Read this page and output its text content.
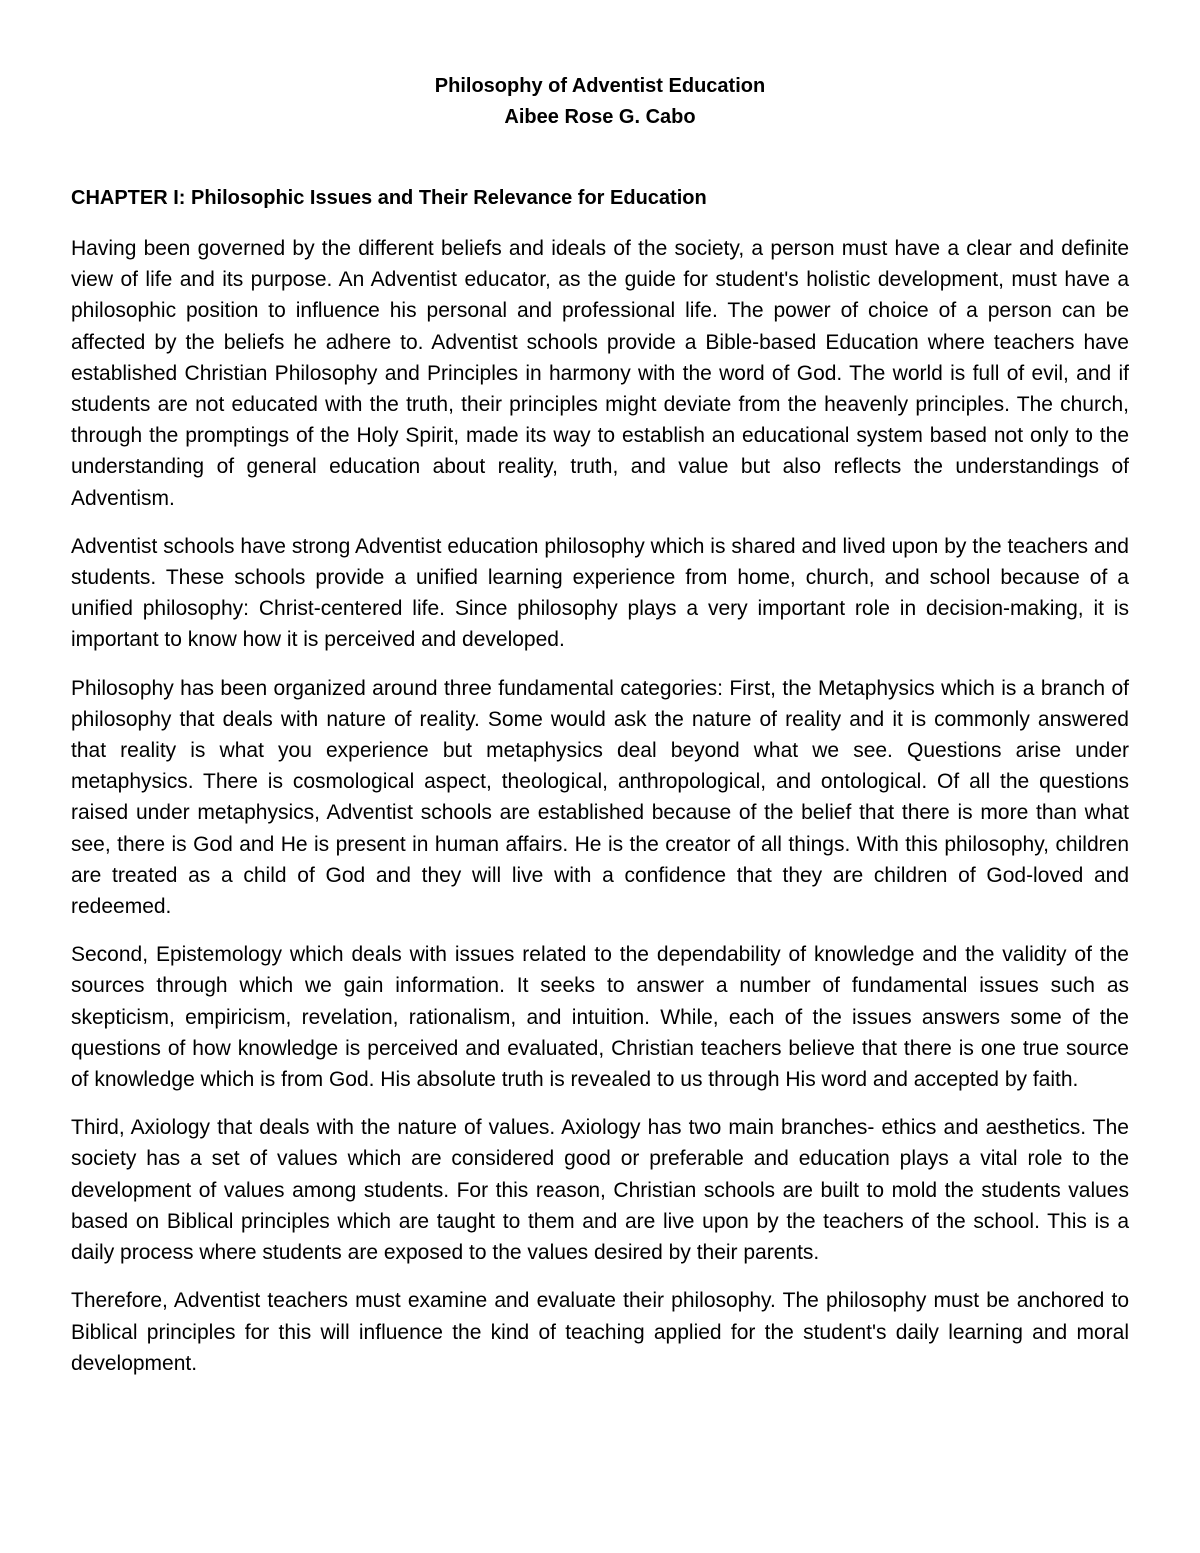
Philosophy of Adventist Education
Aibee Rose G. Cabo
CHAPTER I: Philosophic Issues and Their Relevance for Education

Having been governed by the different beliefs and ideals of the society, a person must have a clear and definite view of life and its purpose. An Adventist educator, as the guide for student's holistic development, must have a philosophic position to influence his personal and professional life. The power of choice of a person can be affected by the beliefs he adhere to. Adventist schools provide a Bible-based Education where teachers have established Christian Philosophy and Principles in harmony with the word of God. The world is full of evil, and if students are not educated with the truth, their principles might deviate from the heavenly principles. The church, through the promptings of the Holy Spirit, made its way to establish an educational system based not only to the understanding of general education about reality, truth, and value but also reflects the understandings of Adventism.

Adventist schools have strong Adventist education philosophy which is shared and lived upon by the teachers and students. These schools provide a unified learning experience from home, church, and school because of a unified philosophy: Christ-centered life. Since philosophy plays a very important role in decision-making, it is important to know how it is perceived and developed.

Philosophy has been organized around three fundamental categories: First, the Metaphysics which is a branch of philosophy that deals with nature of reality. Some would ask the nature of reality and it is commonly answered that reality is what you experience but metaphysics deal beyond what we see. Questions arise under metaphysics. There is cosmological aspect, theological, anthropological, and ontological. Of all the questions raised under metaphysics, Adventist schools are established because of the belief that there is more than what see, there is God and He is present in human affairs. He is the creator of all things. With this philosophy, children are treated as a child of God and they will live with a confidence that they are children of God-loved and redeemed.

Second, Epistemology which deals with issues related to the dependability of knowledge and the validity of the sources through which we gain information. It seeks to answer a number of fundamental issues such as skepticism, empiricism, revelation, rationalism, and intuition. While, each of the issues answers some of the questions of how knowledge is perceived and evaluated, Christian teachers believe that there is one true source of knowledge which is from God. His absolute truth is revealed to us through His word and accepted by faith.

Third, Axiology that deals with the nature of values. Axiology has two main branches- ethics and aesthetics. The society has a set of values which are considered good or preferable and education plays a vital role to the development of values among students. For this reason, Christian schools are built to mold the students values based on Biblical principles which are taught to them and are live upon by the teachers of the school. This is a daily process where students are exposed to the values desired by their parents.

Therefore, Adventist teachers must examine and evaluate their philosophy. The philosophy must be anchored to Biblical principles for this will influence the kind of teaching applied for the student's daily learning and moral development.
